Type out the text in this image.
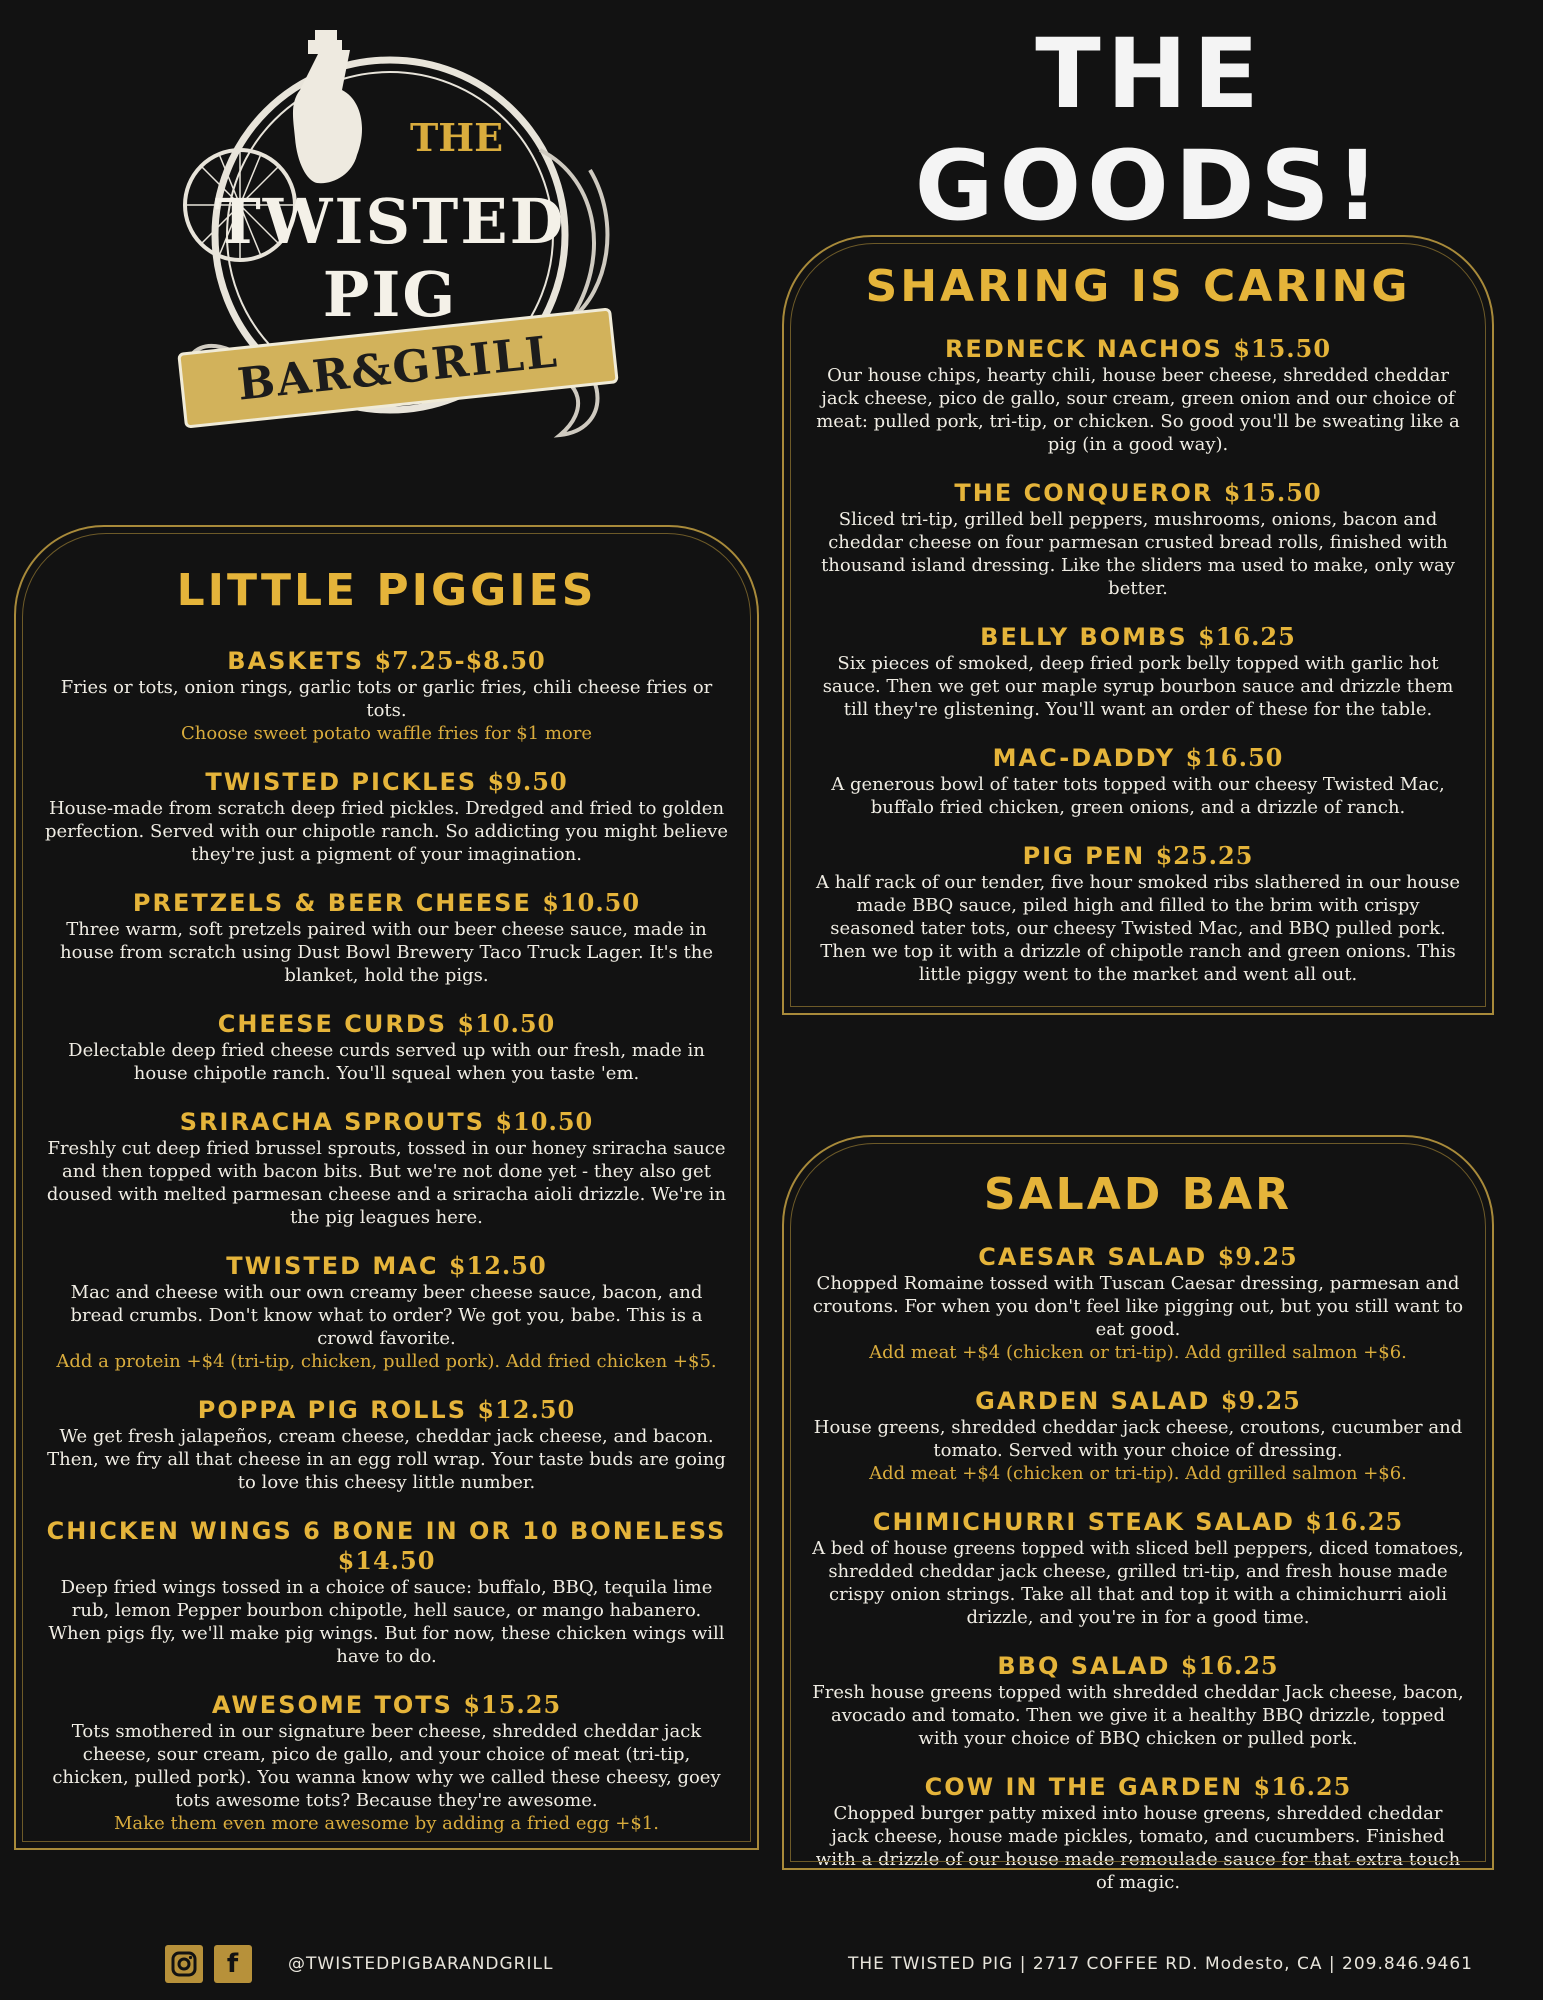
THE
TWISTED PIG
BAR&GRILL
THE GOODS!
LITTLE PIGGIES

BASKETS $7.25-$8.50

Fries or tots, onion rings, garlic tots or garlic fries, chili cheese fries or tots.

Choose sweet potato waffle fries for $1 more

TWISTED PICKLES $9.50

House-made from scratch deep fried pickles. Dredged and fried to golden perfection. Served with our chipotle ranch. So addicting you might believe they're just a pigment of your imagination.

PRETZELS & BEER CHEESE $10.50

Three warm, soft pretzels paired with our beer cheese sauce, made in house from scratch using Dust Bowl Brewery Taco Truck Lager. It's the blanket, hold the pigs.

CHEESE CURDS $10.50

Delectable deep fried cheese curds served up with our fresh, made in house chipotle ranch. You'll squeal when you taste 'em.

SRIRACHA SPROUTS $10.50

Freshly cut deep fried brussel sprouts, tossed in our honey sriracha sauce and then topped with bacon bits. But we're not done yet - they also get doused with melted parmesan cheese and a sriracha aioli drizzle. We're in the pig leagues here.

TWISTED MAC $12.50

Mac and cheese with our own creamy beer cheese sauce, bacon, and bread crumbs. Don't know what to order? We got you, babe. This is a crowd favorite.

Add a protein +$4 (tri-tip, chicken, pulled pork). Add fried chicken +$5.

POPPA PIG ROLLS $12.50

We get fresh jalapeños, cream cheese, cheddar jack cheese, and bacon. Then, we fry all that cheese in an egg roll wrap. Your taste buds are going to love this cheesy little number.

CHICKEN WINGS 6 BONE IN OR 10 BONELESS $14.50

Deep fried wings tossed in a choice of sauce: buffalo, BBQ, tequila lime rub, lemon Pepper bourbon chipotle, hell sauce, or mango habanero. When pigs fly, we'll make pig wings. But for now, these chicken wings will have to do.

AWESOME TOTS $15.25

Tots smothered in our signature beer cheese, shredded cheddar jack cheese, sour cream, pico de gallo, and your choice of meat (tri-tip, chicken, pulled pork). You wanna know why we called these cheesy, goey tots awesome tots? Because they're awesome.

Make them even more awesome by adding a fried egg +$1.

SHARING IS CARING

REDNECK NACHOS $15.50

Our house chips, hearty chili, house beer cheese, shredded cheddar jack cheese, pico de gallo, sour cream, green onion and our choice of meat: pulled pork, tri-tip, or chicken. So good you'll be sweating like a pig (in a good way).

THE CONQUEROR $15.50

Sliced tri-tip, grilled bell peppers, mushrooms, onions, bacon and cheddar cheese on four parmesan crusted bread rolls, finished with thousand island dressing. Like the sliders ma used to make, only way better.

BELLY BOMBS $16.25

Six pieces of smoked, deep fried pork belly topped with garlic hot sauce. Then we get our maple syrup bourbon sauce and drizzle them till they're glistening. You'll want an order of these for the table.

MAC-DADDY $16.50

A generous bowl of tater tots topped with our cheesy Twisted Mac, buffalo fried chicken, green onions, and a drizzle of ranch.

PIG PEN $25.25

A half rack of our tender, five hour smoked ribs slathered in our house made BBQ sauce, piled high and filled to the brim with crispy seasoned tater tots, our cheesy Twisted Mac, and BBQ pulled pork. Then we top it with a drizzle of chipotle ranch and green onions. This little piggy went to the market and went all out.

SALAD BAR

CAESAR SALAD $9.25

Chopped Romaine tossed with Tuscan Caesar dressing, parmesan and croutons. For when you don't feel like pigging out, but you still want to eat good.

Add meat +$4 (chicken or tri-tip). Add grilled salmon +$6.

GARDEN SALAD $9.25

House greens, shredded cheddar jack cheese, croutons, cucumber and tomato. Served with your choice of dressing.

Add meat +$4 (chicken or tri-tip). Add grilled salmon +$6.

CHIMICHURRI STEAK SALAD $16.25

A bed of house greens topped with sliced bell peppers, diced tomatoes, shredded cheddar jack cheese, grilled tri-tip, and fresh house made crispy onion strings. Take all that and top it with a chimichurri aioli drizzle, and you're in for a good time.

BBQ SALAD $16.25

Fresh house greens topped with shredded cheddar Jack cheese, bacon, avocado and tomato. Then we give it a healthy BBQ drizzle, topped with your choice of BBQ chicken or pulled pork.

COW IN THE GARDEN $16.25

Chopped burger patty mixed into house greens, shredded cheddar jack cheese, house made pickles, tomato, and cucumbers. Finished with a drizzle of our house made remoulade sauce for that extra touch of magic.

f	@TWISTEDPIGBARANDGRILL	THE TWISTED PIG | 2717 COFFEE RD. Modesto, CA | 209.846.9461
